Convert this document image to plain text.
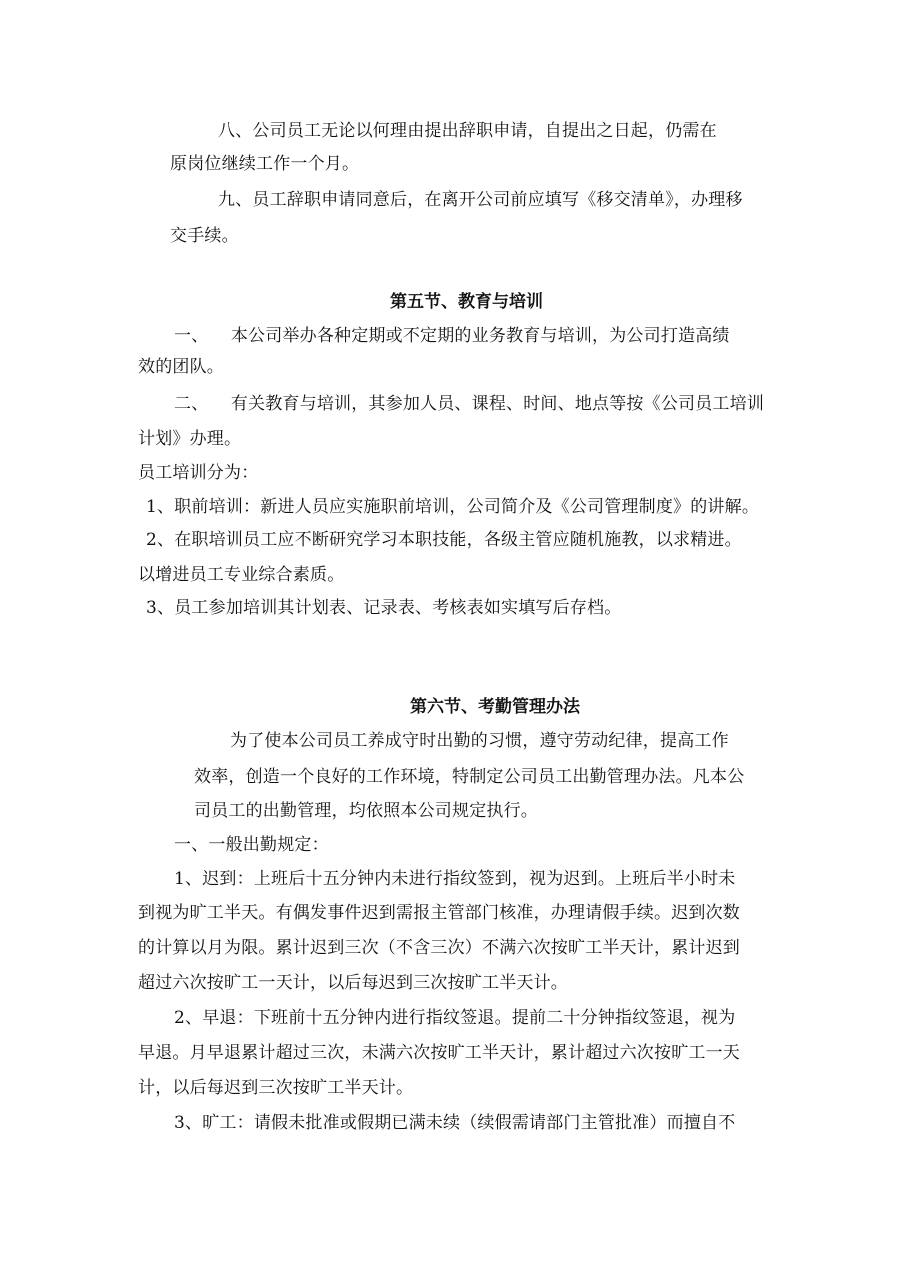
八、公司员工无论以何理由提出辞职申请，自提出之日起，仍需在
原岗位继续工作一个月。
九、员工辞职申请同意后，在离开公司前应填写《移交清单》，办理移
交手续。
第五节、教育与培训
一、    本公司举办各种定期或不定期的业务教育与培训，为公司打造高绩
效的团队。
二、    有关教育与培训，其参加人员、课程、时间、地点等按《公司员工培训
计划》办理。
员工培训分为：
1、职前培训：新进人员应实施职前培训，公司简介及《公司管理制度》的讲解。
2、在职培训员工应不断研究学习本职技能，各级主管应随机施教，以求精进。
以增进员工专业综合素质。
3、员工参加培训其计划表、记录表、考核表如实填写后存档。
第六节、考勤管理办法
为了使本公司员工养成守时出勤的习惯，遵守劳动纪律，提高工作
效率，创造一个良好的工作环境，特制定公司员工出勤管理办法。凡本公
司员工的出勤管理，均依照本公司规定执行。
一、一般出勤规定：
1、迟到：上班后十五分钟内未进行指纹签到，视为迟到。上班后半小时未
到视为旷工半天。有偶发事件迟到需报主管部门核准，办理请假手续。迟到次数
的计算以月为限。累计迟到三次（不含三次）不满六次按旷工半天计，累计迟到
超过六次按旷工一天计，以后每迟到三次按旷工半天计。
2、早退：下班前十五分钟内进行指纹签退。提前二十分钟指纹签退，视为
早退。月早退累计超过三次，未满六次按旷工半天计，累计超过六次按旷工一天
计，以后每迟到三次按旷工半天计。
3、旷工：请假未批准或假期已满未续（续假需请部门主管批准）而擅自不
